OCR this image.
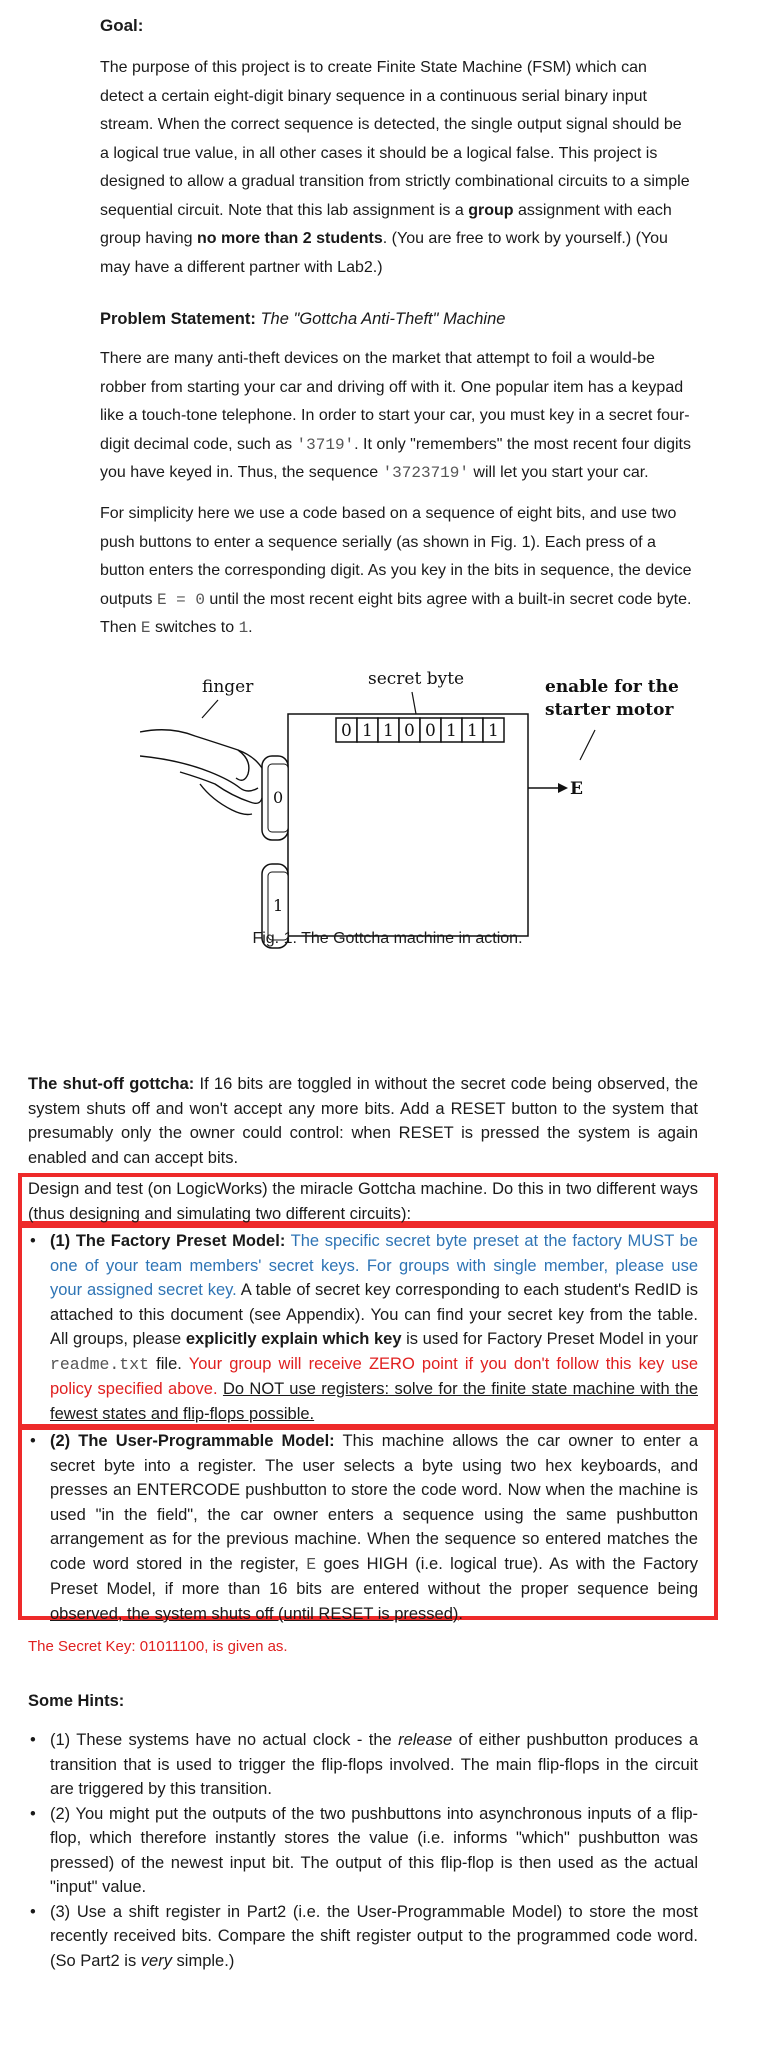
Goal:

The purpose of this project is to create Finite State Machine (FSM) which can detect a certain eight-digit binary sequence in a continuous serial binary input stream. When the correct sequence is detected, the single output signal should be a logical true value, in all other cases it should be a logical false. This project is designed to allow a gradual transition from strictly combinational circuits to a simple sequential circuit. Note that this lab assignment is a group assignment with each group having no more than 2 students. (You are free to work by yourself.) (You may have a different partner with Lab2.)

Problem Statement: The "Gottcha Anti-Theft" Machine

There are many anti-theft devices on the market that attempt to foil a would-be robber from starting your car and driving off with it. One popular item has a keypad like a touch-tone telephone. In order to start your car, you must key in a secret four-digit decimal code, such as '3719'. It only "remembers" the most recent four digits you have keyed in. Thus, the sequence '3723719' will let you start your car.

For simplicity here we use a code based on a sequence of eight bits, and use two push buttons to enter a sequence serially (as shown in Fig. 1). Each press of a button enters the corresponding digit. As you key in the bits in sequence, the device outputs E = 0 until the most recent eight bits agree with a built-in secret code byte. Then E switches to 1.

finger	secret byte	enable for the
starter motor
0 1 1 0 0 1 1 1
0
1
E
Fig. 1. The Gottcha machine in action.

The shut-off gottcha: If 16 bits are toggled in without the secret code being observed, the system shuts off and won't accept any more bits. Add a RESET button to the system that presumably only the owner could control: when RESET is pressed the system is again enabled and can accept bits.

Design and test (on LogicWorks) the miracle Gottcha machine. Do this in two different ways (thus designing and simulating two different circuits):

• (1) The Factory Preset Model: The specific secret byte preset at the factory MUST be one of your team members' secret keys. For groups with single member, please use your assigned secret key. A table of secret key corresponding to each student's RedID is attached to this document (see Appendix). You can find your secret key from the table. All groups, please explicitly explain which key is used for Factory Preset Model in your readme.txt file. Your group will receive ZERO point if you don't follow this key use policy specified above. Do NOT use registers: solve for the finite state machine with the fewest states and flip-flops possible.
• (2) The User-Programmable Model: This machine allows the car owner to enter a secret byte into a register. The user selects a byte using two hex keyboards, and presses an ENTERCODE pushbutton to store the code word. Now when the machine is used "in the field", the car owner enters a sequence using the same pushbutton arrangement as for the previous machine. When the sequence so entered matches the code word stored in the register, E goes HIGH (i.e. logical true). As with the Factory Preset Model, if more than 16 bits are entered without the proper sequence being observed, the system shuts off (until RESET is pressed).
The Secret Key: 01011100, is given as.
Some Hints:
• (1) These systems have no actual clock - the release of either pushbutton produces a transition that is used to trigger the flip-flops involved. The main flip-flops in the circuit are triggered by this transition.
• (2) You might put the outputs of the two pushbuttons into asynchronous inputs of a flip-flop, which therefore instantly stores the value (i.e. informs "which" pushbutton was pressed) of the newest input bit. The output of this flip-flop is then used as the actual "input" value.
• (3) Use a shift register in Part2 (i.e. the User-Programmable Model) to store the most recently received bits. Compare the shift register output to the programmed code word. (So Part2 is very simple.)
